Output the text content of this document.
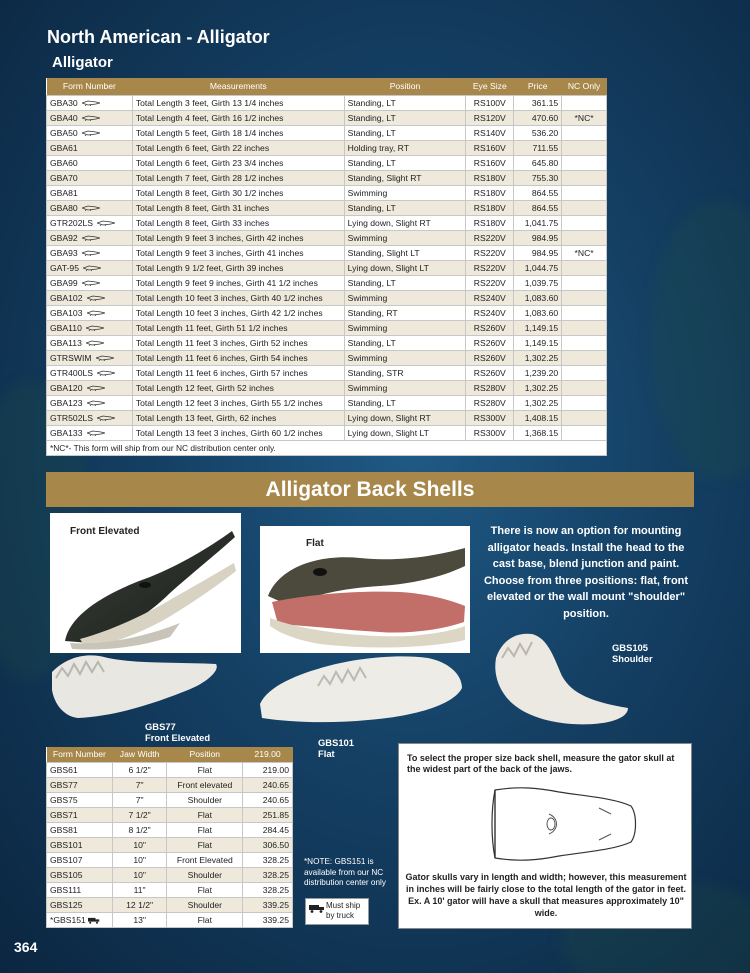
North American - Alligator
Alligator
Form Number	Measurements	Position	Eye Size	Price	NC Only
GBA30	Total Length 3 feet, Girth 13 1/4 inches	Standing, LT	RS100V	361.15	
GBA40	Total Length 4 feet, Girth 16 1/2 inches	Standing, LT	RS120V	470.60	*NC*
GBA50	Total Length 5 feet, Girth 18 1/4 inches	Standing, LT	RS140V	536.20	
GBA61	Total Length 6 feet, Girth 22 inches	Holding tray, RT	RS160V	711.55	
GBA60	Total Length 6 feet, Girth 23 3/4 inches	Standing, LT	RS160V	645.80	
GBA70	Total Length 7 feet, Girth 28 1/2 inches	Standing, Slight RT	RS180V	755.30	
GBA81	Total Length 8 feet, Girth 30 1/2 inches	Swimming	RS180V	864.55	
GBA80	Total Length 8 feet, Girth 31 inches	Standing, LT	RS180V	864.55	
GTR202LS	Total Length 8 feet, Girth 33 inches	Lying down, Slight RT	RS180V	1,041.75	
GBA92	Total Length 9 feet 3 inches, Girth 42 inches	Swimming	RS220V	984.95	
GBA93	Total Length 9 feet 3 inches, Girth 41 inches	Standing, Slight LT	RS220V	984.95	*NC*
GAT-95	Total Length 9 1/2 feet, Girth 39 inches	Lying down, Slight LT	RS220V	1,044.75	
GBA99	Total Length 9 feet 9 inches, Girth 41 1/2 inches	Standing, LT	RS220V	1,039.75	
GBA102	Total Length 10 feet 3 inches, Girth 40 1/2 inches	Swimming	RS240V	1,083.60	
GBA103	Total Length 10 feet 3 inches, Girth 42 1/2 inches	Standing, RT	RS240V	1,083.60	
GBA110	Total Length 11 feet, Girth 51 1/2 inches	Swimming	RS260V	1,149.15	
GBA113	Total Length 11 feet 3 inches, Girth 52 inches	Standing, LT	RS260V	1,149.15	
GTRSWIM	Total Length 11 feet 6 inches, Girth 54 inches	Swimming	RS260V	1,302.25	
GTR400LS	Total Length 11 feet 6 inches, Girth 57 inches	Standing, STR	RS260V	1,239.20	
GBA120	Total Length 12 feet, Girth 52 inches	Swimming	RS280V	1,302.25	
GBA123	Total Length 12 feet 3 inches, Girth 55 1/2 inches	Standing, LT	RS280V	1,302.25	
GTR502LS	Total Length 13 feet, Girth, 62 inches	Lying down, Slight RT	RS300V	1,408.15	
GBA133	Total Length 13 feet 3 inches, Girth 60 1/2 inches	Lying down, Slight LT	RS300V	1,368.15	
*NC*- This form will ship from our NC distribution center only.					
Alligator Back Shells
Front Elevated
Flat
There is now an option for mounting alligator heads. Install the head to the cast base, blend junction and paint. Choose from three positions: flat, front elevated or the wall mount "shoulder" position.
GBS105
Shoulder
GBS77
Front Elevated	GBS101
Flat
Form Number	Jaw Width	Position	219.00
GBS61	6 1/2"	Flat	219.00
GBS77	7"	Front elevated	240.65
GBS75	7"	Shoulder	240.65
GBS71	7 1/2"	Flat	251.85
GBS81	8 1/2"	Flat	284.45
GBS101	10"	Flat	306.50
GBS107	10"	Front Elevated	328.25
GBS105	10"	Shoulder	328.25
GBS111	11"	Flat	328.25
GBS125	12 1/2"	Shoulder	339.25
*GBS151	13"	Flat	339.25
*NOTE: GBS151 is available from our NC distribution center only
Must ship
by truck
To select the proper size back shell, measure the gator skull at the widest part of the back of the jaws.
Gator skulls vary in length and width; however, this measurement in inches will be fairly close to the total length of the gator in feet. Ex. A 10' gator will have a skull that measures approximately 10" wide.
364
